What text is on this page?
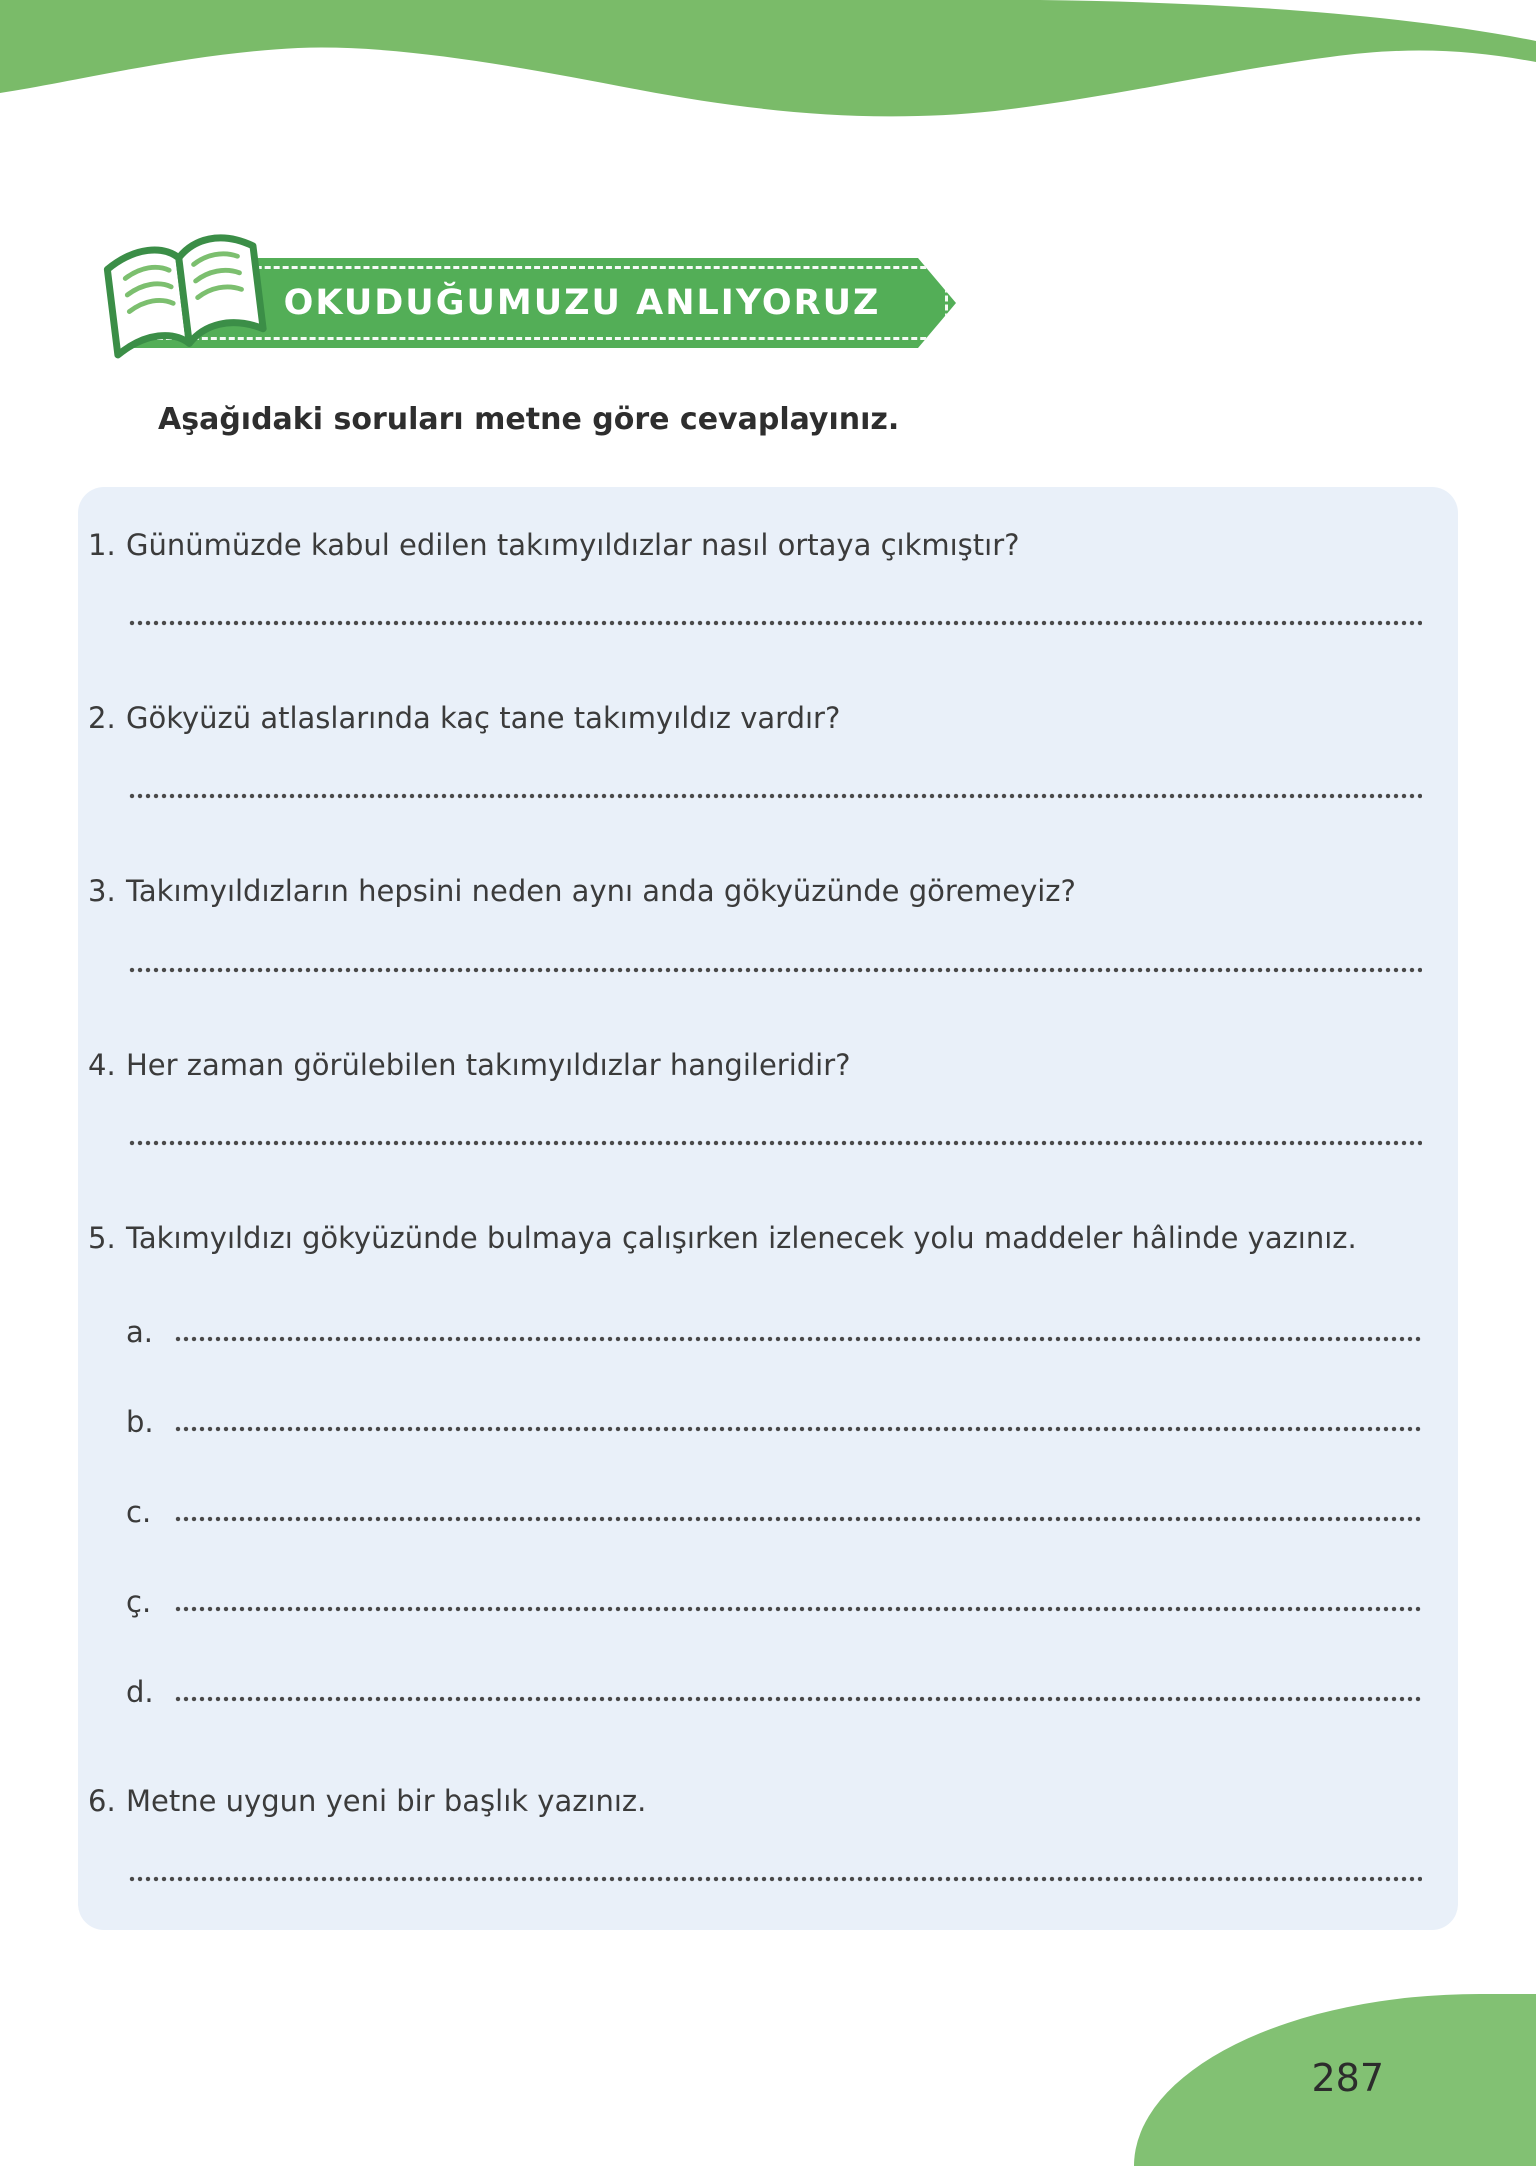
OKUDUĞUMUZU ANLIYORUZ
Aşağıdaki soruları metne göre cevaplayınız.
1. Günümüzde kabul edilen takımyıldızlar nasıl ortaya çıkmıştır?
2. Gökyüzü atlaslarında kaç tane takımyıldız vardır?
3. Takımyıldızların hepsini neden aynı anda gökyüzünde göremeyiz?
4. Her zaman görülebilen takımyıldızlar hangileridir?
5. Takımyıldızı gökyüzünde bulmaya çalışırken izlenecek yolu maddeler hâlinde yazınız.
a.
b.
c.
ç.
d.
6. Metne uygun yeni bir başlık yazınız.
287
